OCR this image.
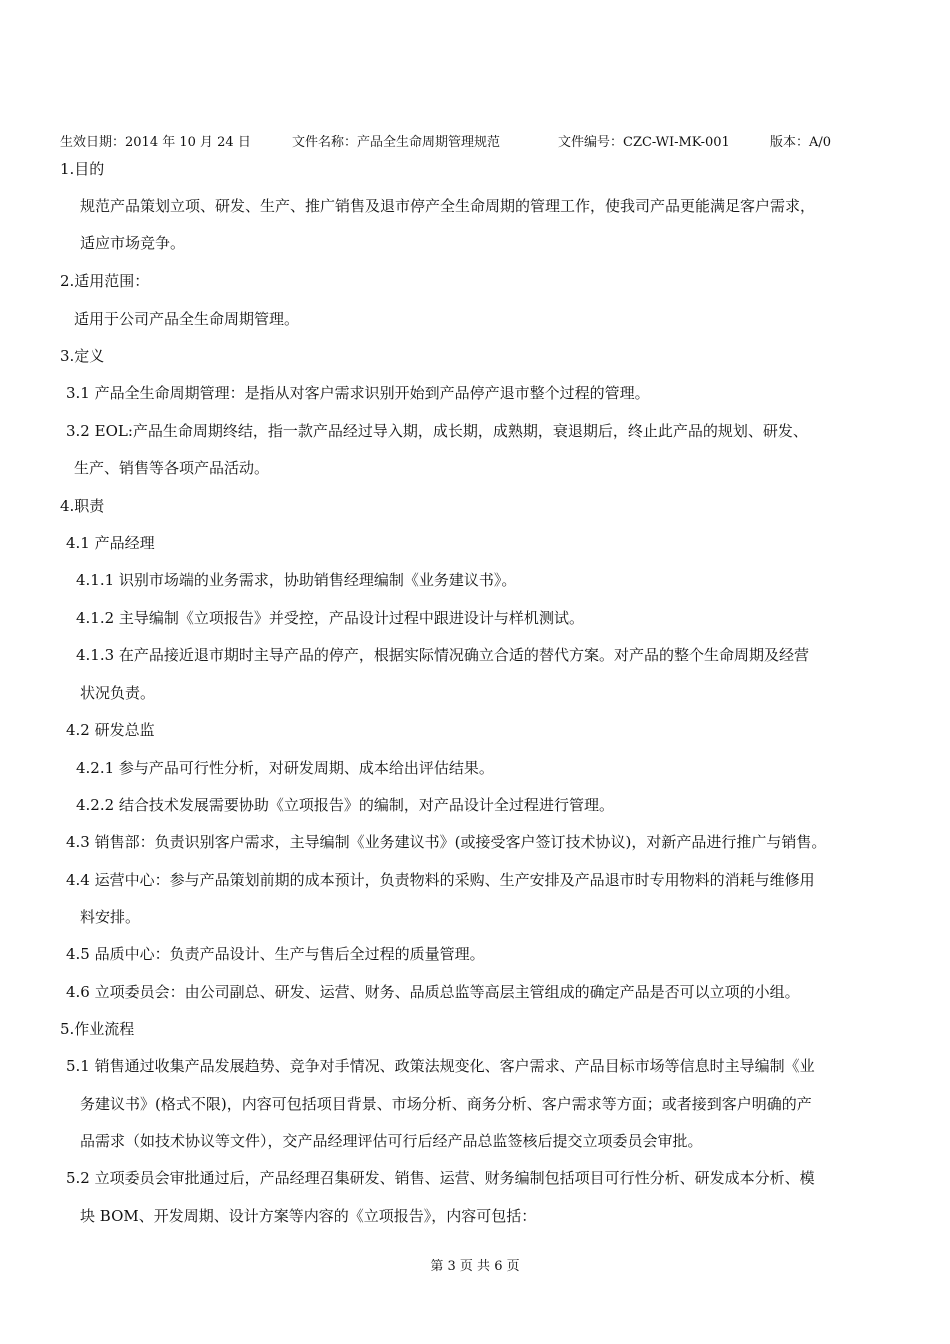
生效日期：2014 年 10 月 24 日	文件名称：产品全生命周期管理规范	文件编号：CZC-WI-MK-001	版本：A/0
1.目的
规范产品策划立项、研发、生产、推广销售及退市停产全生命周期的管理工作，使我司产品更能满足客户需求，
适应市场竞争。
2.适用范围：
适用于公司产品全生命周期管理。
3.定义
3.1 产品全生命周期管理：是指从对客户需求识别开始到产品停产退市整个过程的管理。
3.2 EOL:产品生命周期终结，指一款产品经过导入期，成长期，成熟期，衰退期后，终止此产品的规划、研发、
生产、销售等各项产品活动。
4.职责
4.1 产品经理
4.1.1 识别市场端的业务需求，协助销售经理编制《业务建议书》。
4.1.2 主导编制《立项报告》并受控，产品设计过程中跟进设计与样机测试。
4.1.3 在产品接近退市期时主导产品的停产，根据实际情况确立合适的替代方案。对产品的整个生命周期及经营
状况负责。
4.2 研发总监
4.2.1 参与产品可行性分析，对研发周期、成本给出评估结果。
4.2.2 结合技术发展需要协助《立项报告》的编制，对产品设计全过程进行管理。
4.3 销售部：负责识别客户需求，主导编制《业务建议书》(或接受客户签订技术协议)，对新产品进行推广与销售。
4.4 运营中心：参与产品策划前期的成本预计，负责物料的采购、生产安排及产品退市时专用物料的消耗与维修用
料安排。
4.5 品质中心：负责产品设计、生产与售后全过程的质量管理。
4.6 立项委员会：由公司副总、研发、运营、财务、品质总监等高层主管组成的确定产品是否可以立项的小组。
5.作业流程
5.1 销售通过收集产品发展趋势、竞争对手情况、政策法规变化、客户需求、产品目标市场等信息时主导编制《业
务建议书》(格式不限)，内容可包括项目背景、市场分析、商务分析、客户需求等方面；或者接到客户明确的产
品需求（如技术协议等文件），交产品经理评估可行后经产品总监签核后提交立项委员会审批。
5.2 立项委员会审批通过后，产品经理召集研发、销售、运营、财务编制包括项目可行性分析、研发成本分析、模
块 BOM、开发周期、设计方案等内容的《立项报告》，内容可包括：
第 3 页 共 6 页
